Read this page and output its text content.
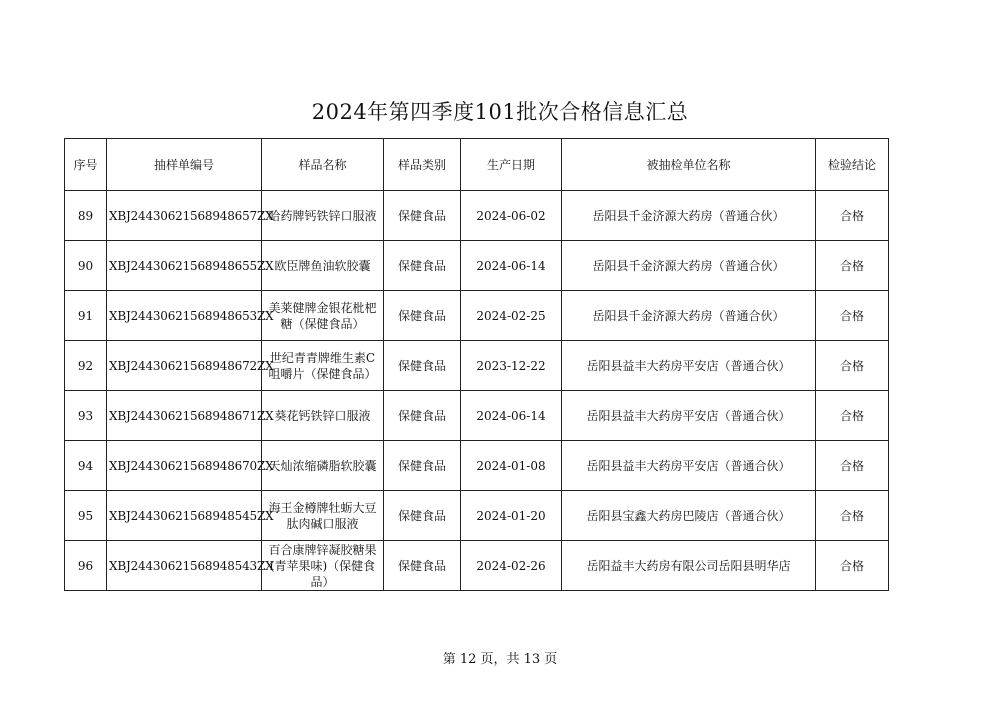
2024年第四季度101批次合格信息汇总
序号	抽样单编号	样品名称	样品类别	生产日期	被抽检单位名称	检验结论
89	XBJ24430621568948657ZX	哈药牌钙铁锌口服液	保健食品	2024-06-02	岳阳县千金济源大药房（普通合伙）	合格
90	XBJ24430621568948655ZX	欧臣牌鱼油软胶囊	保健食品	2024-06-14	岳阳县千金济源大药房（普通合伙）	合格
91	XBJ24430621568948653ZX	美莱健牌金银花枇杷糖（保健食品）	保健食品	2024-02-25	岳阳县千金济源大药房（普通合伙）	合格
92	XBJ24430621568948672ZX	世纪青青牌维生素C咀嚼片（保健食品）	保健食品	2023-12-22	岳阳县益丰大药房平安店（普通合伙）	合格
93	XBJ24430621568948671ZX	葵花钙铁锌口服液	保健食品	2024-06-14	岳阳县益丰大药房平安店（普通合伙）	合格
94	XBJ24430621568948670ZX	天灿浓缩磷脂软胶囊	保健食品	2024-01-08	岳阳县益丰大药房平安店（普通合伙）	合格
95	XBJ24430621568948545ZX	海王金樽牌牡蛎大豆肽肉碱口服液	保健食品	2024-01-20	岳阳县宝鑫大药房巴陵店（普通合伙）	合格
96	XBJ24430621568948543ZX	百合康牌锌凝胶糖果(青苹果味)（保健食品）	保健食品	2024-02-26	岳阳益丰大药房有限公司岳阳县明华店	合格
第 12 页，共 13 页
